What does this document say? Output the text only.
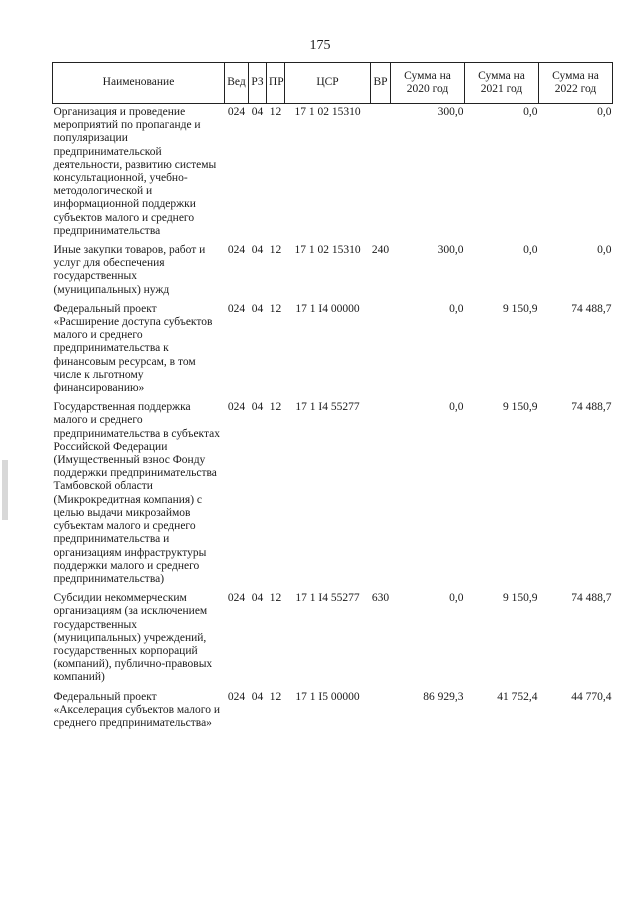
175
Наименование	Вед	РЗ	ПР	ЦСР	ВР	Сумма на 2020 год	Сумма на 2021 год	Сумма на 2022 год
Организация и проведение мероприятий по пропаганде и популяризации предпринимательской деятельности, развитию системы консультационной, учебно-методологической и информационной поддержки субъектов малого и среднего предпринимательства	024	04	12	17 1 02 15310		300,0	0,0	0,0
Иные закупки товаров, работ и услуг для обеспечения государственных (муниципальных) нужд	024	04	12	17 1 02 15310	240	300,0	0,0	0,0
Федеральный проект «Расширение доступа субъектов малого и среднего предпринимательства к финансовым ресурсам, в том числе к льготному финансированию»	024	04	12	17 1 I4 00000		0,0	9 150,9	74 488,7
Государственная поддержка малого и среднего предпринимательства в субъектах Российской Федерации (Имущественный взнос Фонду поддержки предпринимательства Тамбовской области (Микрокредитная компания) с целью выдачи микрозаймов субъектам малого и среднего предпринимательства и организациям инфраструктуры поддержки малого и среднего предпринимательства)	024	04	12	17 1 I4 55277		0,0	9 150,9	74 488,7
Субсидии некоммерческим организациям (за исключением государственных (муниципальных) учреждений, государственных корпораций (компаний), публично-правовых компаний)	024	04	12	17 1 I4 55277	630	0,0	9 150,9	74 488,7
Федеральный проект «Акселерация субъектов малого и среднего предпринимательства»	024	04	12	17 1 I5 00000		86 929,3	41 752,4	44 770,4
